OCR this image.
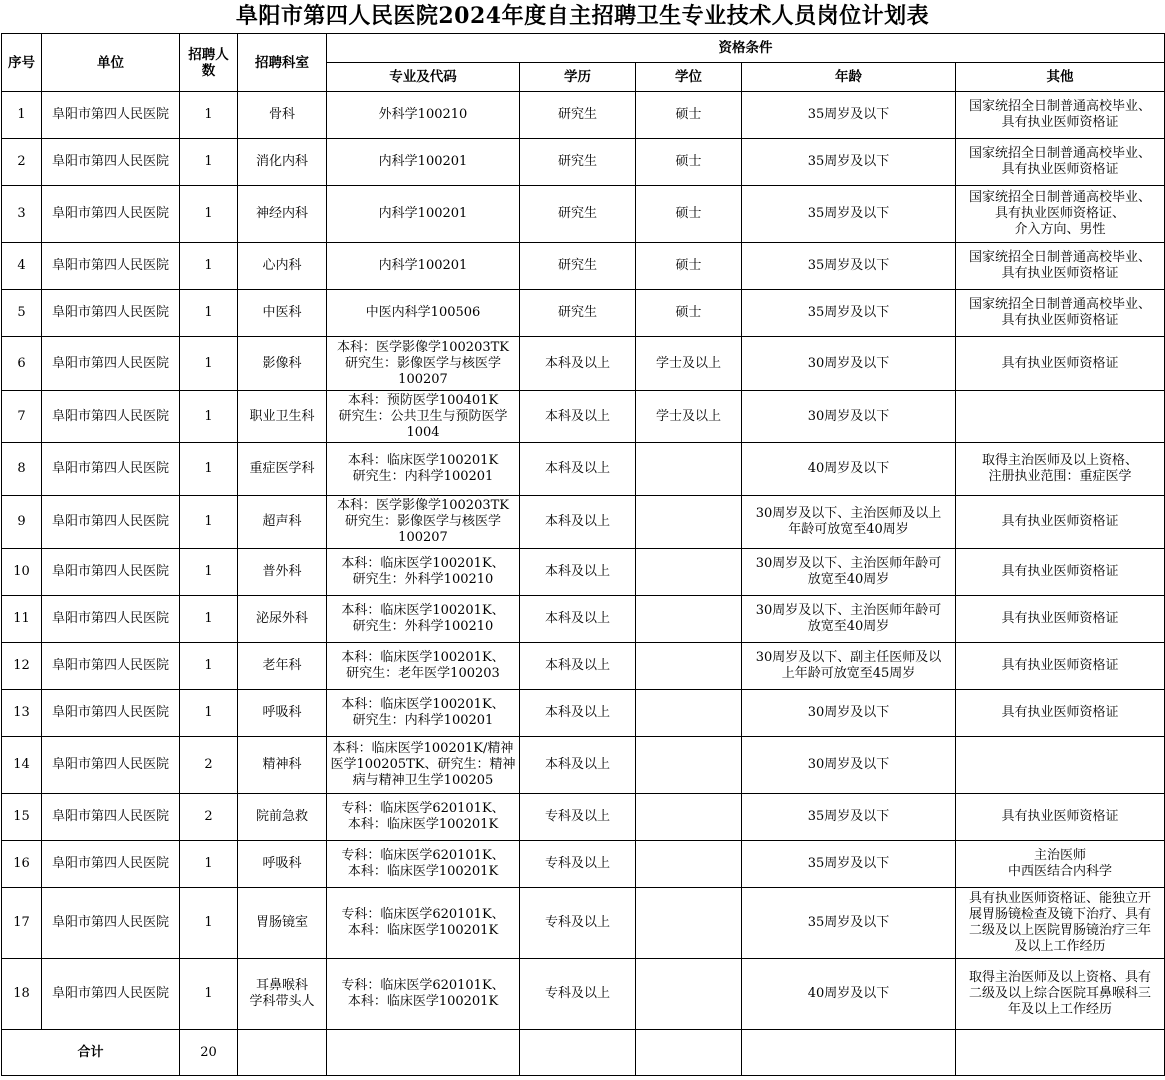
阜阳市第四人民医院2024年度自主招聘卫生专业技术人员岗位计划表
序号	单位	招聘人数	招聘科室	资格条件				
				专业及代码	学历	学位	年龄	其他
1	阜阳市第四人民医院	1	骨科	外科学100210	研究生	硕士	35周岁及以下	国家统招全日制普通高校毕业、
具有执业医师资格证
2	阜阳市第四人民医院	1	消化内科	内科学100201	研究生	硕士	35周岁及以下	国家统招全日制普通高校毕业、
具有执业医师资格证
3	阜阳市第四人民医院	1	神经内科	内科学100201	研究生	硕士	35周岁及以下	国家统招全日制普通高校毕业、
具有执业医师资格证、
介入方向、男性
4	阜阳市第四人民医院	1	心内科	内科学100201	研究生	硕士	35周岁及以下	国家统招全日制普通高校毕业、
具有执业医师资格证
5	阜阳市第四人民医院	1	中医科	中医内科学100506	研究生	硕士	35周岁及以下	国家统招全日制普通高校毕业、
具有执业医师资格证
6	阜阳市第四人民医院	1	影像科	本科：医学影像学100203TK
研究生：影像医学与核医学
100207	本科及以上	学士及以上	30周岁及以下	具有执业医师资格证
7	阜阳市第四人民医院	1	职业卫生科	本科：预防医学100401K
研究生：公共卫生与预防医学
1004	本科及以上	学士及以上	30周岁及以下	
8	阜阳市第四人民医院	1	重症医学科	本科：临床医学100201K
研究生：内科学100201	本科及以上		40周岁及以下	取得主治医师及以上资格、
注册执业范围：重症医学
9	阜阳市第四人民医院	1	超声科	本科：医学影像学100203TK
研究生：影像医学与核医学
100207	本科及以上		30周岁及以下、主治医师及以上
年龄可放宽至40周岁	具有执业医师资格证
10	阜阳市第四人民医院	1	普外科	本科：临床医学100201K、
研究生：外科学100210	本科及以上		30周岁及以下、主治医师年龄可
放宽至40周岁	具有执业医师资格证
11	阜阳市第四人民医院	1	泌尿外科	本科：临床医学100201K、
研究生：外科学100210	本科及以上		30周岁及以下、主治医师年龄可
放宽至40周岁	具有执业医师资格证
12	阜阳市第四人民医院	1	老年科	本科：临床医学100201K、
研究生：老年医学100203	本科及以上		30周岁及以下、副主任医师及以
上年龄可放宽至45周岁	具有执业医师资格证
13	阜阳市第四人民医院	1	呼吸科	本科：临床医学100201K、
研究生：内科学100201	本科及以上		30周岁及以下	具有执业医师资格证
14	阜阳市第四人民医院	2	精神科	本科：临床医学100201K/精神
医学100205TK、研究生：精神
病与精神卫生学100205	本科及以上		30周岁及以下	
15	阜阳市第四人民医院	2	院前急救	专科：临床医学620101K、
本科：临床医学100201K	专科及以上		35周岁及以下	具有执业医师资格证
16	阜阳市第四人民医院	1	呼吸科	专科：临床医学620101K、
本科：临床医学100201K	专科及以上		35周岁及以下	主治医师
中西医结合内科学
17	阜阳市第四人民医院	1	胃肠镜室	专科：临床医学620101K、
本科：临床医学100201K	专科及以上		35周岁及以下	具有执业医师资格证、能独立开
展胃肠镜检查及镜下治疗、具有
二级及以上医院胃肠镜治疗三年
及以上工作经历
18	阜阳市第四人民医院	1	耳鼻喉科
学科带头人	专科：临床医学620101K、
本科：临床医学100201K	专科及以上		40周岁及以下	取得主治医师及以上资格、具有
二级及以上综合医院耳鼻喉科三
年及以上工作经历
合计		20						
